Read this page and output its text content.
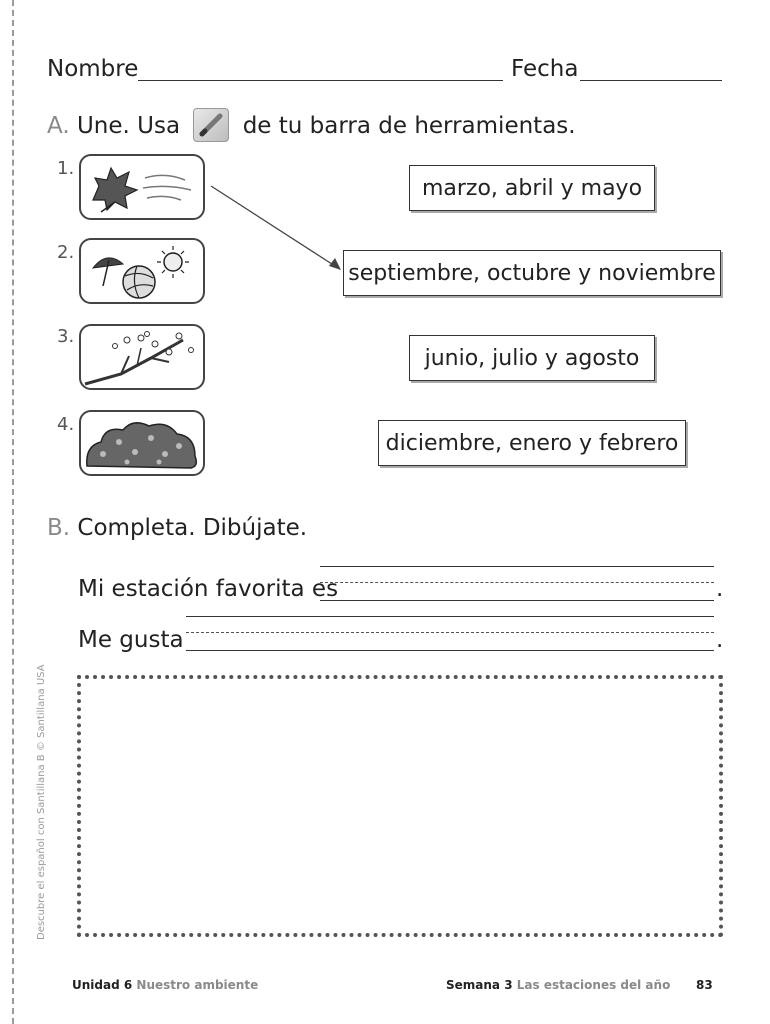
Descubre el español con Santillana B © Santillana USA
Nombre	Fecha
A. Une. Usa	de tu barra de herramientas.
1.
2.
3.
4.
marzo, abril y mayo
septiembre, octubre y noviembre
junio, julio y agosto
diciembre, enero y febrero
B. Completa. Dibújate.
Mi estación favorita es	.
Me gusta	.
Unidad 6 Nuestro ambiente	Semana 3 Las estaciones del año 83
